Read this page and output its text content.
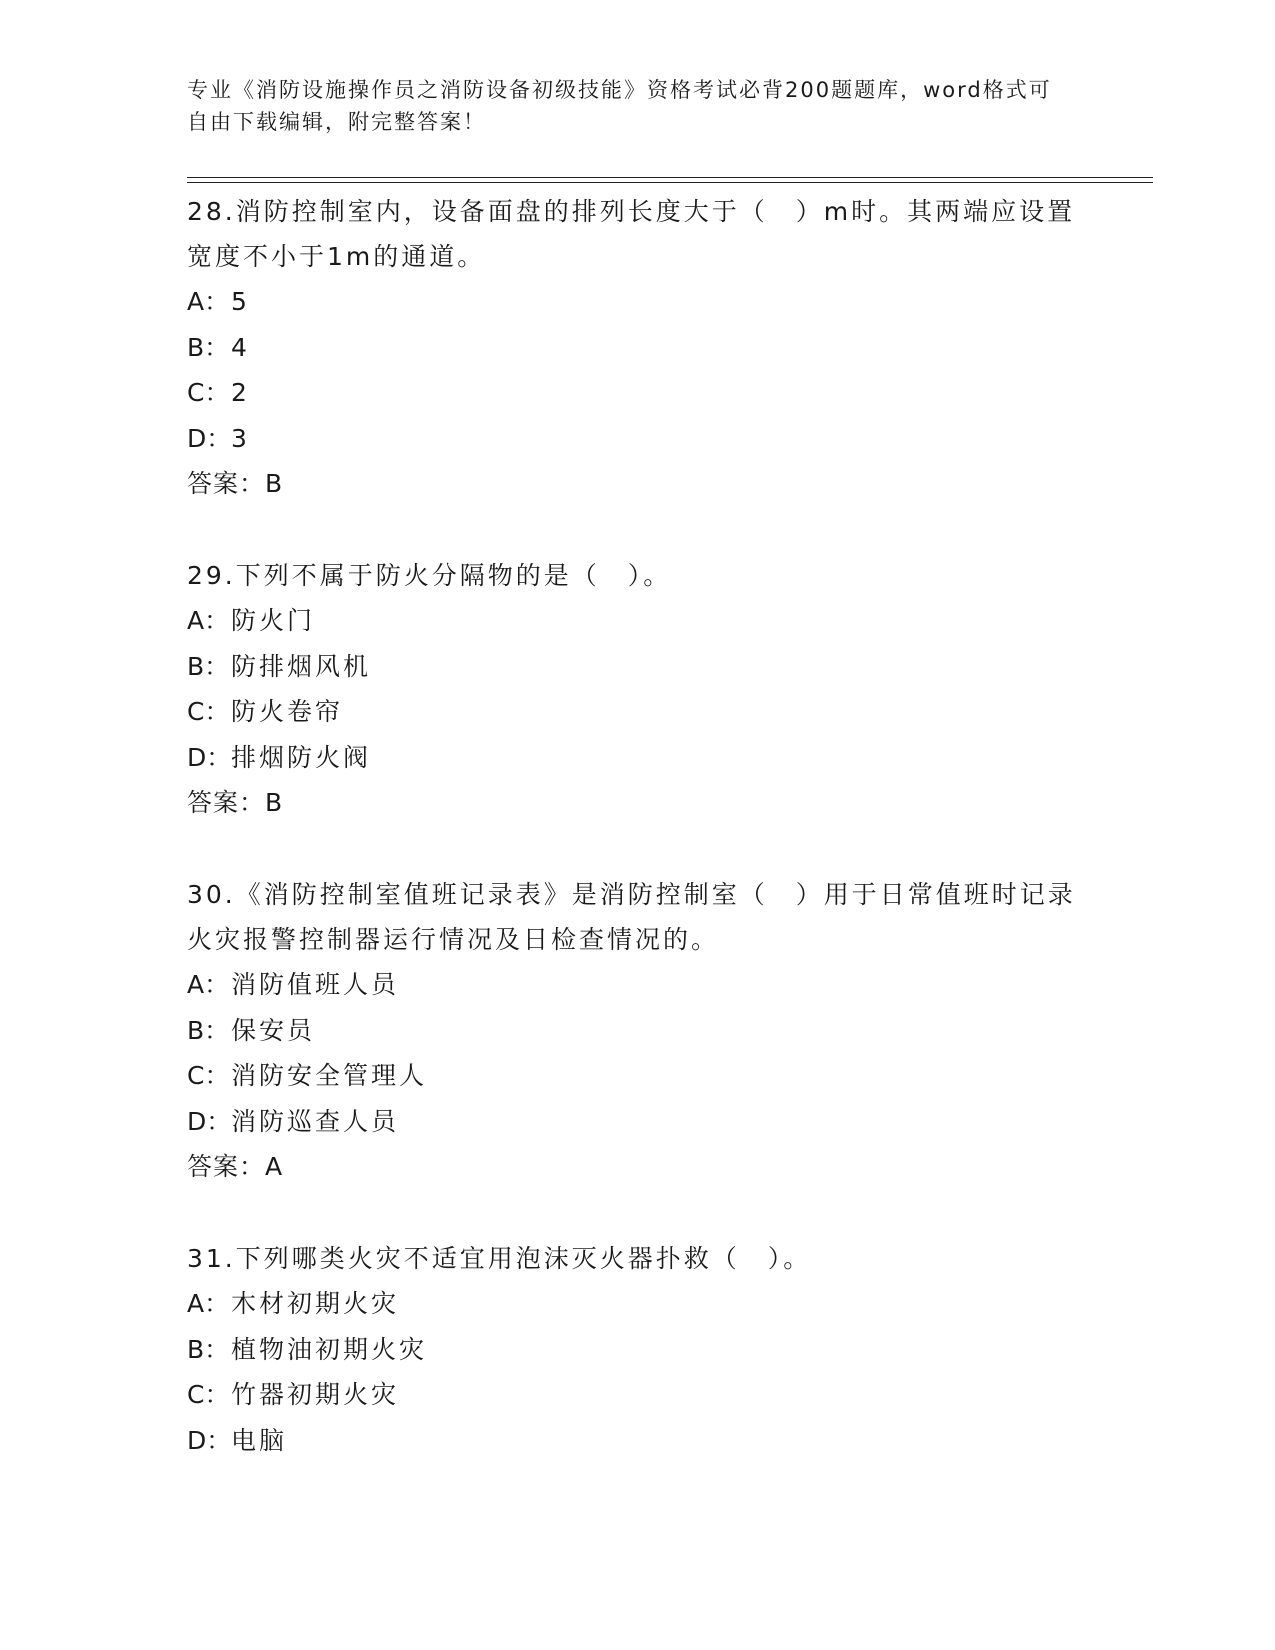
专业《消防设施操作员之消防设备初级技能》资格考试必背200题题库，word格式可自由下载编辑，附完整答案！
28.消防控制室内，设备面盘的排列长度大于（　）m时。其两端应设置宽度不小于1m的通道。
A：5
B：4
C：2
D：3
答案：B
29.下列不属于防火分隔物的是（　）。
A：防火门
B：防排烟风机
C：防火卷帘
D：排烟防火阀
答案：B
30.《消防控制室值班记录表》是消防控制室（　）用于日常值班时记录火灾报警控制器运行情况及日检查情况的。
A：消防值班人员
B：保安员
C：消防安全管理人
D：消防巡查人员
答案：A
31.下列哪类火灾不适宜用泡沫灭火器扑救（　）。
A：木材初期火灾
B：植物油初期火灾
C：竹器初期火灾
D：电脑
